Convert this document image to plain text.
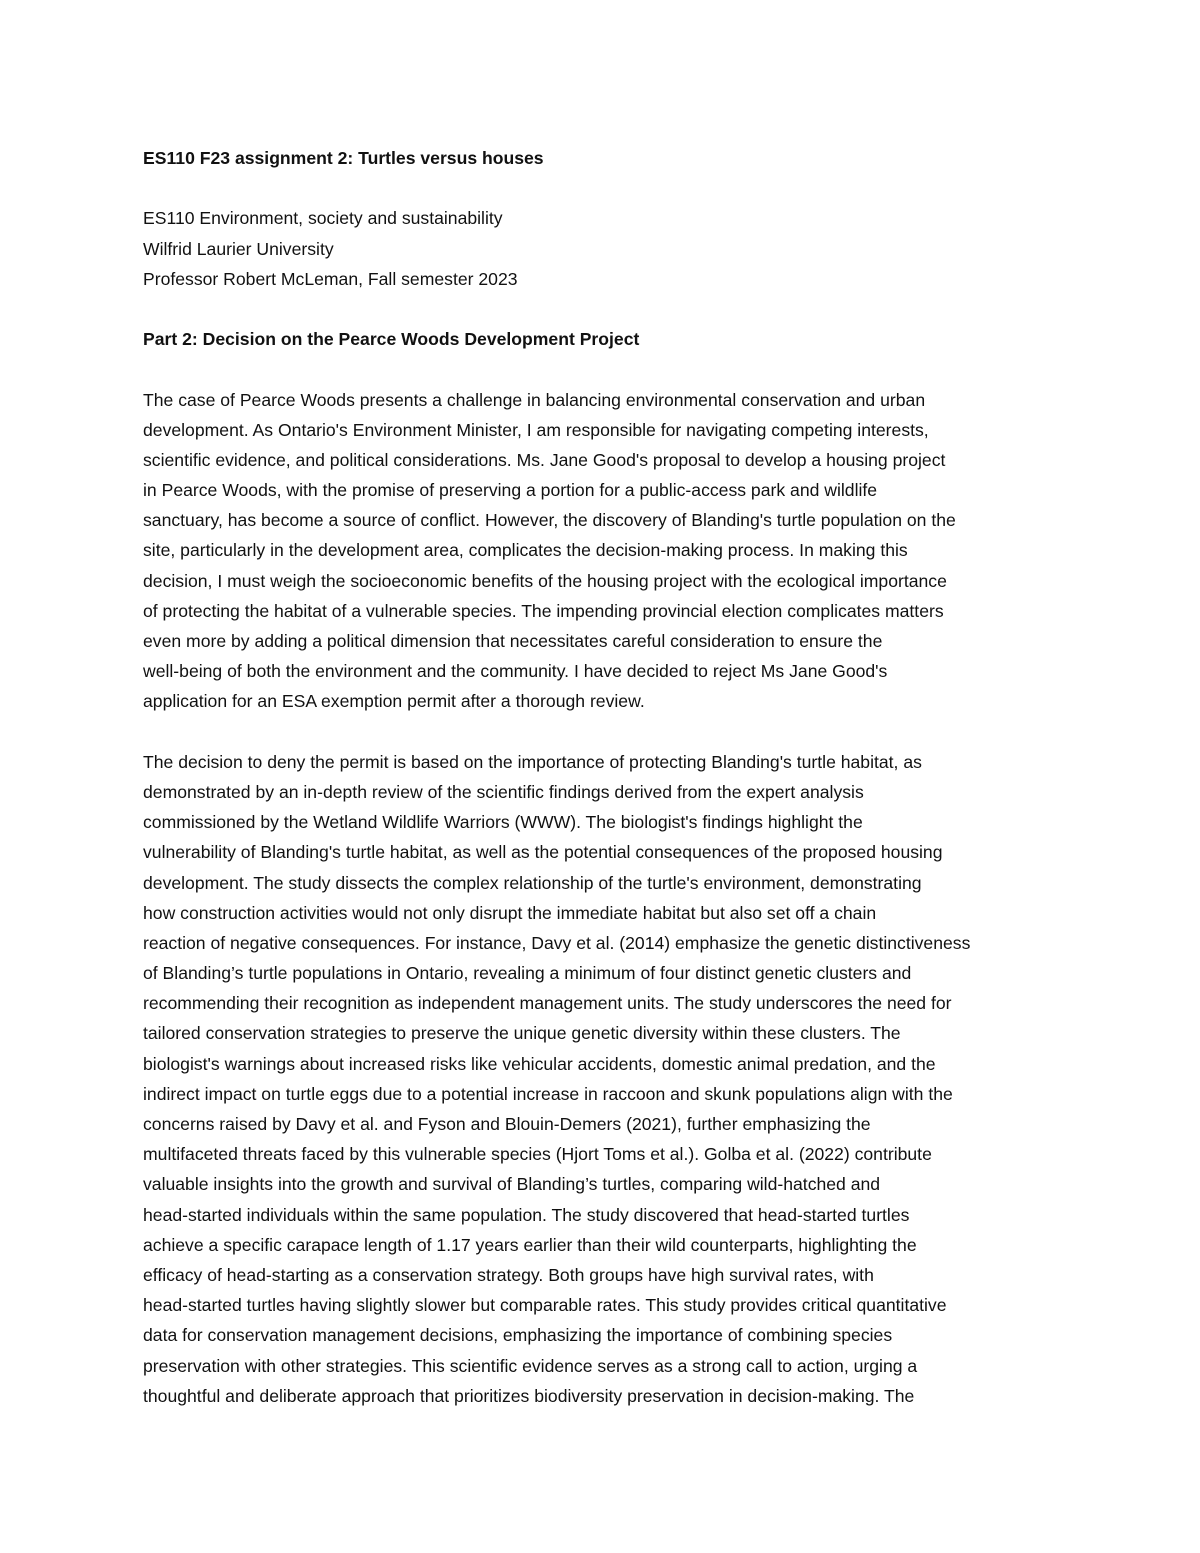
ES110 F23 assignment 2: Turtles versus houses

ES110 Environment, society and sustainability
Wilfrid Laurier University
Professor Robert McLeman, Fall semester 2023

Part 2: Decision on the Pearce Woods Development Project

The case of Pearce Woods presents a challenge in balancing environmental conservation and urban
development. As Ontario's Environment Minister, I am responsible for navigating competing interests,
scientific evidence, and political considerations. Ms. Jane Good's proposal to develop a housing project
in Pearce Woods, with the promise of preserving a portion for a public-access park and wildlife
sanctuary, has become a source of conflict. However, the discovery of Blanding's turtle population on the
site, particularly in the development area, complicates the decision-making process. In making this
decision, I must weigh the socioeconomic benefits of the housing project with the ecological importance
of protecting the habitat of a vulnerable species. The impending provincial election complicates matters
even more by adding a political dimension that necessitates careful consideration to ensure the
well-being of both the environment and the community. I have decided to reject Ms Jane Good's
application for an ESA exemption permit after a thorough review.
The decision to deny the permit is based on the importance of protecting Blanding's turtle habitat, as
demonstrated by an in-depth review of the scientific findings derived from the expert analysis
commissioned by the Wetland Wildlife Warriors (WWW). The biologist's findings highlight the
vulnerability of Blanding's turtle habitat, as well as the potential consequences of the proposed housing
development. The study dissects the complex relationship of the turtle's environment, demonstrating
how construction activities would not only disrupt the immediate habitat but also set off a chain
reaction of negative consequences. For instance, Davy et al. (2014) emphasize the genetic distinctiveness
of Blanding’s turtle populations in Ontario, revealing a minimum of four distinct genetic clusters and
recommending their recognition as independent management units. The study underscores the need for
tailored conservation strategies to preserve the unique genetic diversity within these clusters. The
biologist's warnings about increased risks like vehicular accidents, domestic animal predation, and the
indirect impact on turtle eggs due to a potential increase in raccoon and skunk populations align with the
concerns raised by Davy et al. and Fyson and Blouin-Demers (2021), further emphasizing the
multifaceted threats faced by this vulnerable species (Hjort Toms et al.). Golba et al. (2022) contribute
valuable insights into the growth and survival of Blanding’s turtles, comparing wild-hatched and
head-started individuals within the same population. The study discovered that head-started turtles
achieve a specific carapace length of 1.17 years earlier than their wild counterparts, highlighting the
efficacy of head-starting as a conservation strategy. Both groups have high survival rates, with
head-started turtles having slightly slower but comparable rates. This study provides critical quantitative
data for conservation management decisions, emphasizing the importance of combining species
preservation with other strategies. This scientific evidence serves as a strong call to action, urging a
thoughtful and deliberate approach that prioritizes biodiversity preservation in decision-making. The
